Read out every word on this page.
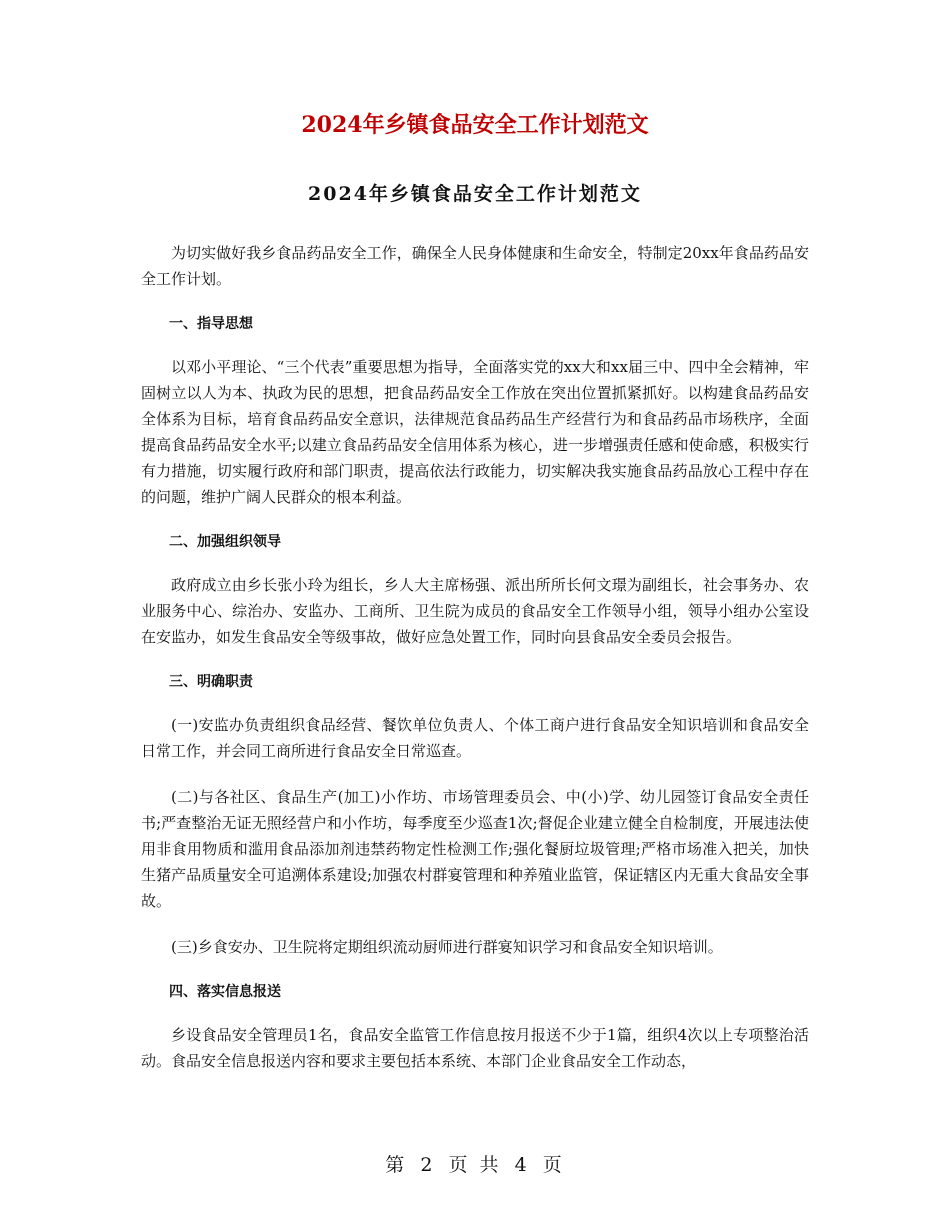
2024年乡镇食品安全工作计划范文
2024年乡镇食品安全工作计划范文

为切实做好我乡食品药品安全工作，确保全人民身体健康和生命安全，特制定20xx年食品药品安全工作计划。

一、指导思想

以邓小平理论、“三个代表”重要思想为指导，全面落实党的xx大和xx届三中、四中全会精神，牢固树立以人为本、执政为民的思想，把食品药品安全工作放在突出位置抓紧抓好。以构建食品药品安全体系为目标，培育食品药品安全意识，法律规范食品药品生产经营行为和食品药品市场秩序，全面提高食品药品安全水平;以建立食品药品安全信用体系为核心，进一步增强责任感和使命感，积极实行有力措施，切实履行政府和部门职责，提高依法行政能力，切实解决我实施食品药品放心工程中存在的问题，维护广阔人民群众的根本利益。

二、加强组织领导

政府成立由乡长张小玲为组长，乡人大主席杨强、派出所所长何文璟为副组长，社会事务办、农业服务中心、综治办、安监办、工商所、卫生院为成员的食品安全工作领导小组，领导小组办公室设在安监办，如发生食品安全等级事故，做好应急处置工作，同时向县食品安全委员会报告。

三、明确职责

(一)安监办负责组织食品经营、餐饮单位负责人、个体工商户进行食品安全知识培训和食品安全日常工作，并会同工商所进行食品安全日常巡查。

(二)与各社区、食品生产(加工)小作坊、市场管理委员会、中(小)学、幼儿园签订食品安全责任书;严查整治无证无照经营户和小作坊，每季度至少巡查1次;督促企业建立健全自检制度，开展违法使用非食用物质和滥用食品添加剂违禁药物定性检测工作;强化餐厨垃圾管理;严格市场准入把关，加快生猪产品质量安全可追溯体系建设;加强农村群宴管理和种养殖业监管，保证辖区内无重大食品安全事故。

(三)乡食安办、卫生院将定期组织流动厨师进行群宴知识学习和食品安全知识培训。

四、落实信息报送

乡设食品安全管理员1名，食品安全监管工作信息按月报送不少于1篇，组织4次以上专项整治活动。食品安全信息报送内容和要求主要包括本系统、本部门企业食品安全工作动态，

第 2 页 共 4 页
